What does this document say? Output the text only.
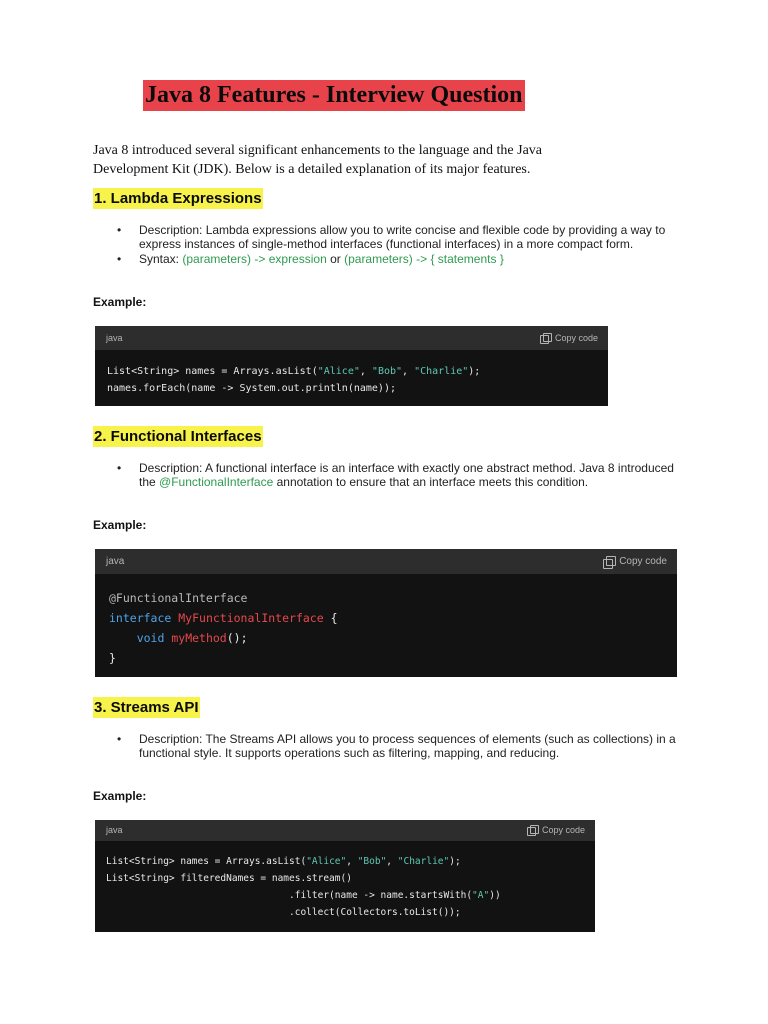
Java 8 Features - Interview Question
Java 8 introduced several significant enhancements to the language and the Java Development Kit (JDK). Below is a detailed explanation of its major features.
1. Lambda Expressions
• Description: Lambda expressions allow you to write concise and flexible code by providing a way to express instances of single-method interfaces (functional interfaces) in a more compact form.
• Syntax: (parameters) -> expression or (parameters) -> { statements }
Example:
java	Copy code
List<String> names = Arrays.asList("Alice", "Bob", "Charlie");
names.forEach(name -> System.out.println(name));
2. Functional Interfaces
• Description: A functional interface is an interface with exactly one abstract method. Java 8 introduced the @FunctionalInterface annotation to ensure that an interface meets this condition.
Example:
java	Copy code
@FunctionalInterface
interface MyFunctionalInterface {
void myMethod();
}
3. Streams API
• Description: The Streams API allows you to process sequences of elements (such as collections) in a functional style. It supports operations such as filtering, mapping, and reducing.
Example:
java	Copy code
List<String> names = Arrays.asList("Alice", "Bob", "Charlie");
List<String> filteredNames = names.stream()
.filter(name -> name.startsWith("A"))
.collect(Collectors.toList());
